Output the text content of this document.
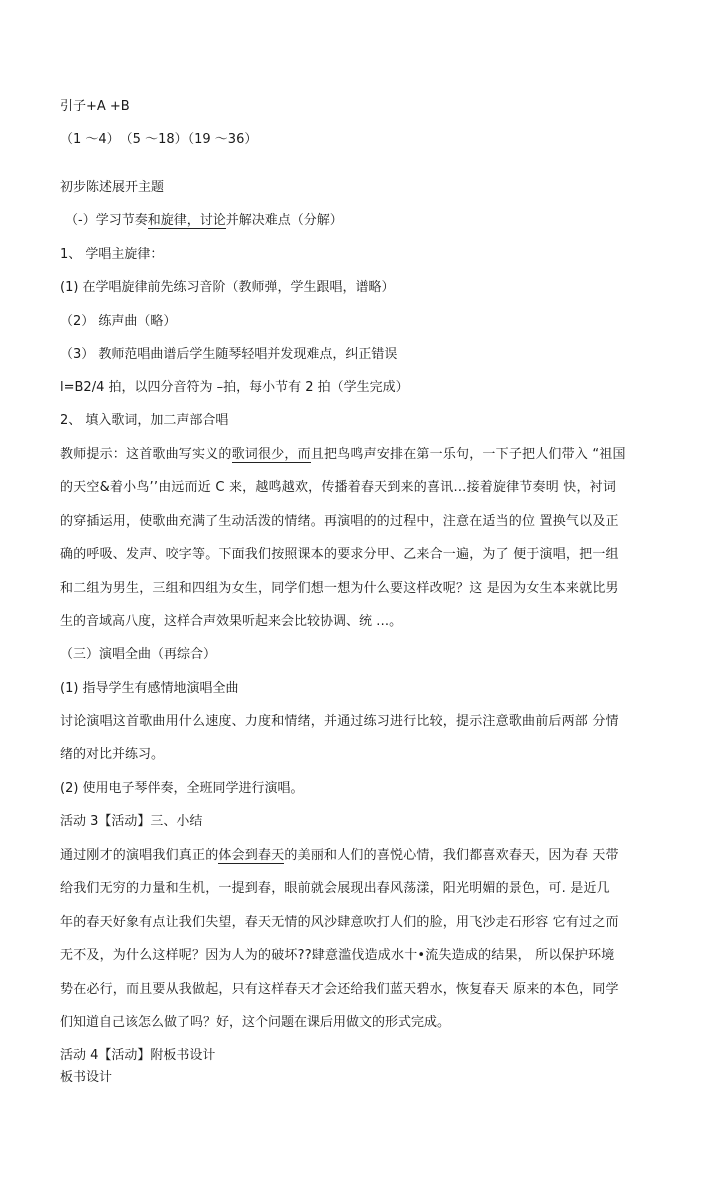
引子+A +B
（1 ～4）　（5 ～18）（19 ～36）
初步陈述展开主题
（-）学习节奏和旋律，讨论并解决难点（分解）
1、 学唱主旋律：
(1) 在学唱旋律前先练习音阶（教师弹，学生跟唱，谱略）
（2） 练声曲（略）
（3） 教师范唱曲谱后学生随琴轻唱并发现难点，纠正错误
l=B2/4 拍，以四分音符为 –拍，每小节有 2 拍（学生完成）
2、 填入歌词，加二声部合唱
教师提示：这首歌曲写实义的歌词很少，而且把鸟鸣声安排在第一乐句，一下子把人们带入 “祖国
的天空&着小鸟’’由远而近 C 来，越鸣越欢，传播着春天到来的喜讯…接着旋律节奏明 快，衬词
的穿插运用，使歌曲充满了生动活泼的情绪。再演唱的的过程中，注意在适当的位 置换气以及正
确的呼吸、发声、咬字等。下面我们按照课本的要求分甲、乙来合一遍，为了 便于演唱，把一组
和二组为男生，三组和四组为女生，同学们想一想为什么要这样改呢？这 是因为女生本来就比男
生的音域高八度，这样合声效果听起来会比较协调、统 …。
（三）演唱全曲（再综合）
(1) 指导学生有感情地演唱全曲
讨论演唱这首歌曲用什么速度、力度和情绪，并通过练习进行比较，提示注意歌曲前后两部 分情
绪的对比并练习。
(2) 使用电子琴伴奏，全班同学进行演唱。
活动 3【活动】三、小结
通过刚才的演唱我们真正的体会到春天的美丽和人们的喜悦心情，我们都喜欢春天，因为春 天带
给我们无穷的力量和生机，一提到春，眼前就会展现出春风荡漾，阳光明媚的景色，可. 是近几
年的春天好象有点让我们失望，春天无情的风沙肆意吹打人们的脸，用飞沙走石形容 它有过之而
无不及，为什么这样呢？因为人为的破坏??肆意滥伐造成水十•流失造成的结果， 所以保护环境
势在必行，而且要从我做起，只有这样春天才会还给我们蓝天碧水，恢复春天 原来的本色，同学
们知道自己该怎么做了吗？好，这个问题在课后用做文的形式完成。
活动 4【活动】附板书设计
板书设计
